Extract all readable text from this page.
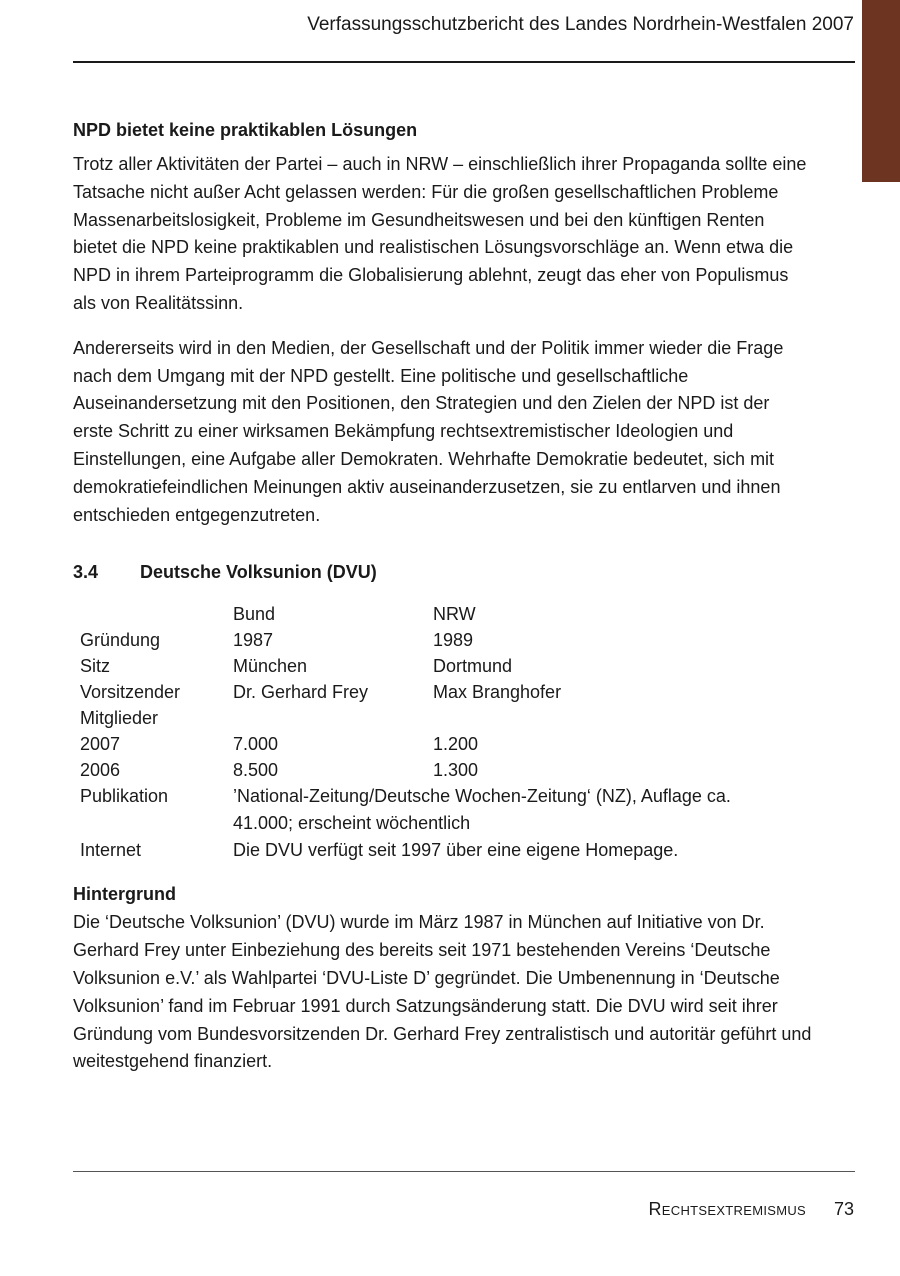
Verfassungsschutzbericht des Landes Nordrhein-Westfalen 2007
NPD bietet keine praktikablen Lösungen

Trotz aller Aktivitäten der Partei – auch in NRW – einschließlich ihrer Propaganda sollte eine Tatsache nicht außer Acht gelassen werden: Für die großen gesellschaftlichen Probleme Massenarbeitslosigkeit, Probleme im Gesundheitswesen und bei den künftigen Renten bietet die NPD keine praktikablen und realistischen Lösungsvorschläge an. Wenn etwa die NPD in ihrem Parteiprogramm die Globalisierung ablehnt, zeugt das eher von Populismus als von Realitätssinn.

Andererseits wird in den Medien, der Gesellschaft und der Politik immer wieder die Frage nach dem Umgang mit der NPD gestellt. Eine politische und gesellschaftliche Auseinandersetzung mit den Positionen, den Strategien und den Zielen der NPD ist der erste Schritt zu einer wirksamen Bekämpfung rechtsextremistischer Ideologien und Einstellungen, eine Aufgabe aller Demokraten. Wehrhafte Demokratie bedeutet, sich mit demokratiefeindlichen Meinungen aktiv auseinanderzusetzen, sie zu entlarven und ihnen entschieden entgegenzutreten.

3.4	Deutsche Volksunion (DVU)
	Bund	NRW
Gründung	1987	1989
Sitz	München	Dortmund
Vorsitzender	Dr. Gerhard Frey	Max Branghofer
Mitglieder		
2007	7.000	1.200
2006	8.500	1.300
Publikation	’National-Zeitung/Deutsche Wochen-Zeitung‘ (NZ), Auflage ca. 41.000; erscheint wöchentlich	
Internet	Die DVU verfügt seit 1997 über eine eigene Homepage.	
Hintergrund

Die ‘Deutsche Volksunion’ (DVU) wurde im März 1987 in München auf Initiative von Dr. Gerhard Frey unter Einbeziehung des bereits seit 1971 bestehenden Vereins ‘Deutsche Volksunion e.V.’ als Wahlpartei ‘DVU-Liste D’ gegründet. Die Umbenennung in ‘Deutsche Volksunion’ fand im Februar 1991 durch Satzungsänderung statt. Die DVU wird seit ihrer Gründung vom Bundesvorsitzenden Dr. Gerhard Frey zentralistisch und autoritär geführt und weitestgehend finanziert.

Rechtsextremismus 73
